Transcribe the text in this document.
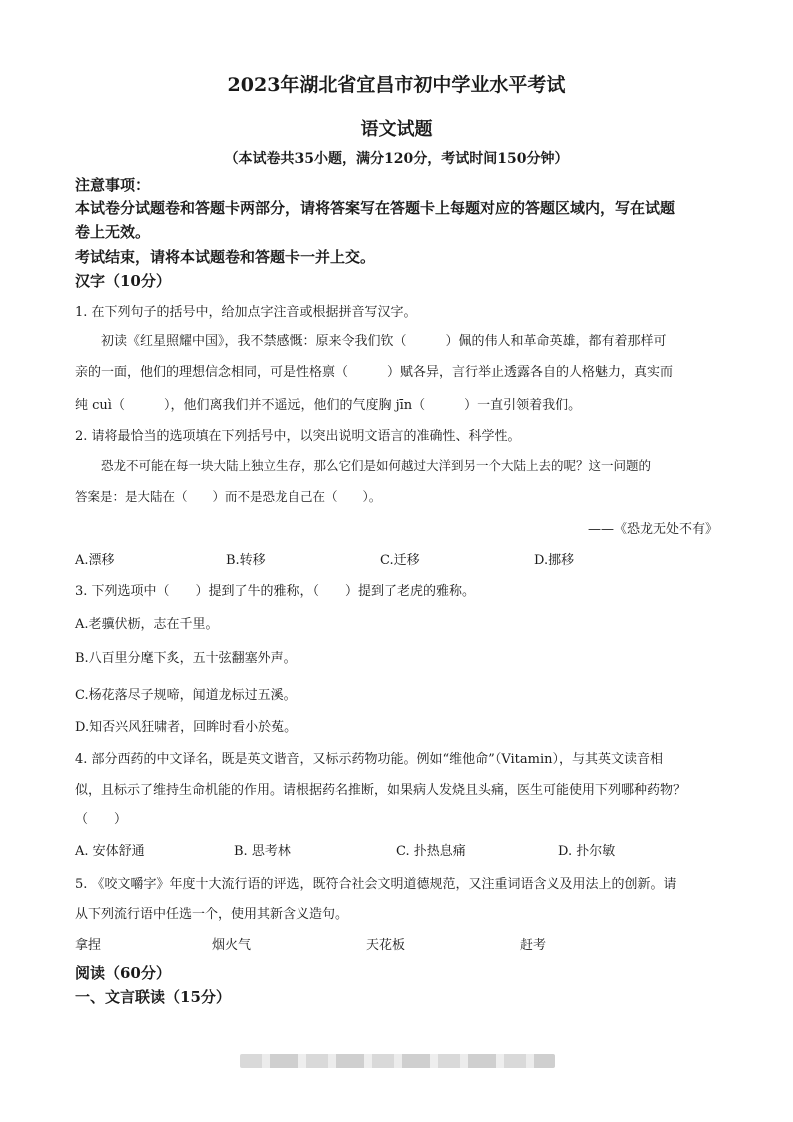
2023年湖北省宜昌市初中学业水平考试
语文试题
（本试卷共35小题，满分120分，考试时间150分钟）
注意事项：
本试卷分试题卷和答题卡两部分，请将答案写在答题卡上每题对应的答题区域内，写在试题
卷上无效。
考试结束，请将本试题卷和答题卡一并上交。
汉字（10分）
1. 在下列句子的括号中，给加点字注音或根据拼音写汉字。
初读《红星照耀中国》，我不禁感慨：原来令我们钦（　　　）佩的伟人和革命英雄，都有着那样可
亲的一面，他们的理想信念相同，可是性格禀（　　　）赋各异，言行举止透露各自的人格魅力，真实而
纯 cuì（　　　），他们离我们并不遥远，他们的气度胸 jīn（　　　）一直引领着我们。
2. 请将最恰当的选项填在下列括号中，以突出说明文语言的准确性、科学性。
恐龙不可能在每一块大陆上独立生存，那么它们是如何越过大洋到另一个大陆上去的呢？这一问题的
答案是：是大陆在（　　）而不是恐龙自己在（　　）。
——《恐龙无处不有》
A.漂移	B.转移	C.迁移	D.挪移
3. 下列选项中（　　）提到了牛的雅称，（　　）提到了老虎的雅称。
A.老骥伏枥，志在千里。
B.八百里分麾下炙，五十弦翻塞外声。
C.杨花落尽子规啼，闻道龙标过五溪。
D.知否兴风狂啸者，回眸时看小於菟。
4. 部分西药的中文译名，既是英文谐音，又标示药物功能。例如“维他命”（Vitamin），与其英文读音相
似，且标示了维持生命机能的作用。请根据药名推断，如果病人发烧且头痛，医生可能使用下列哪种药物？
（　　）
A. 安体舒通	B. 思考林	C. 扑热息痛	D. 扑尔敏
5. 《咬文嚼字》年度十大流行语的评选，既符合社会文明道德规范，又注重词语含义及用法上的创新。请
从下列流行语中任选一个，使用其新含义造句。
拿捏	烟火气	天花板	赶考
阅读（60分）
一、文言联读（15分）
